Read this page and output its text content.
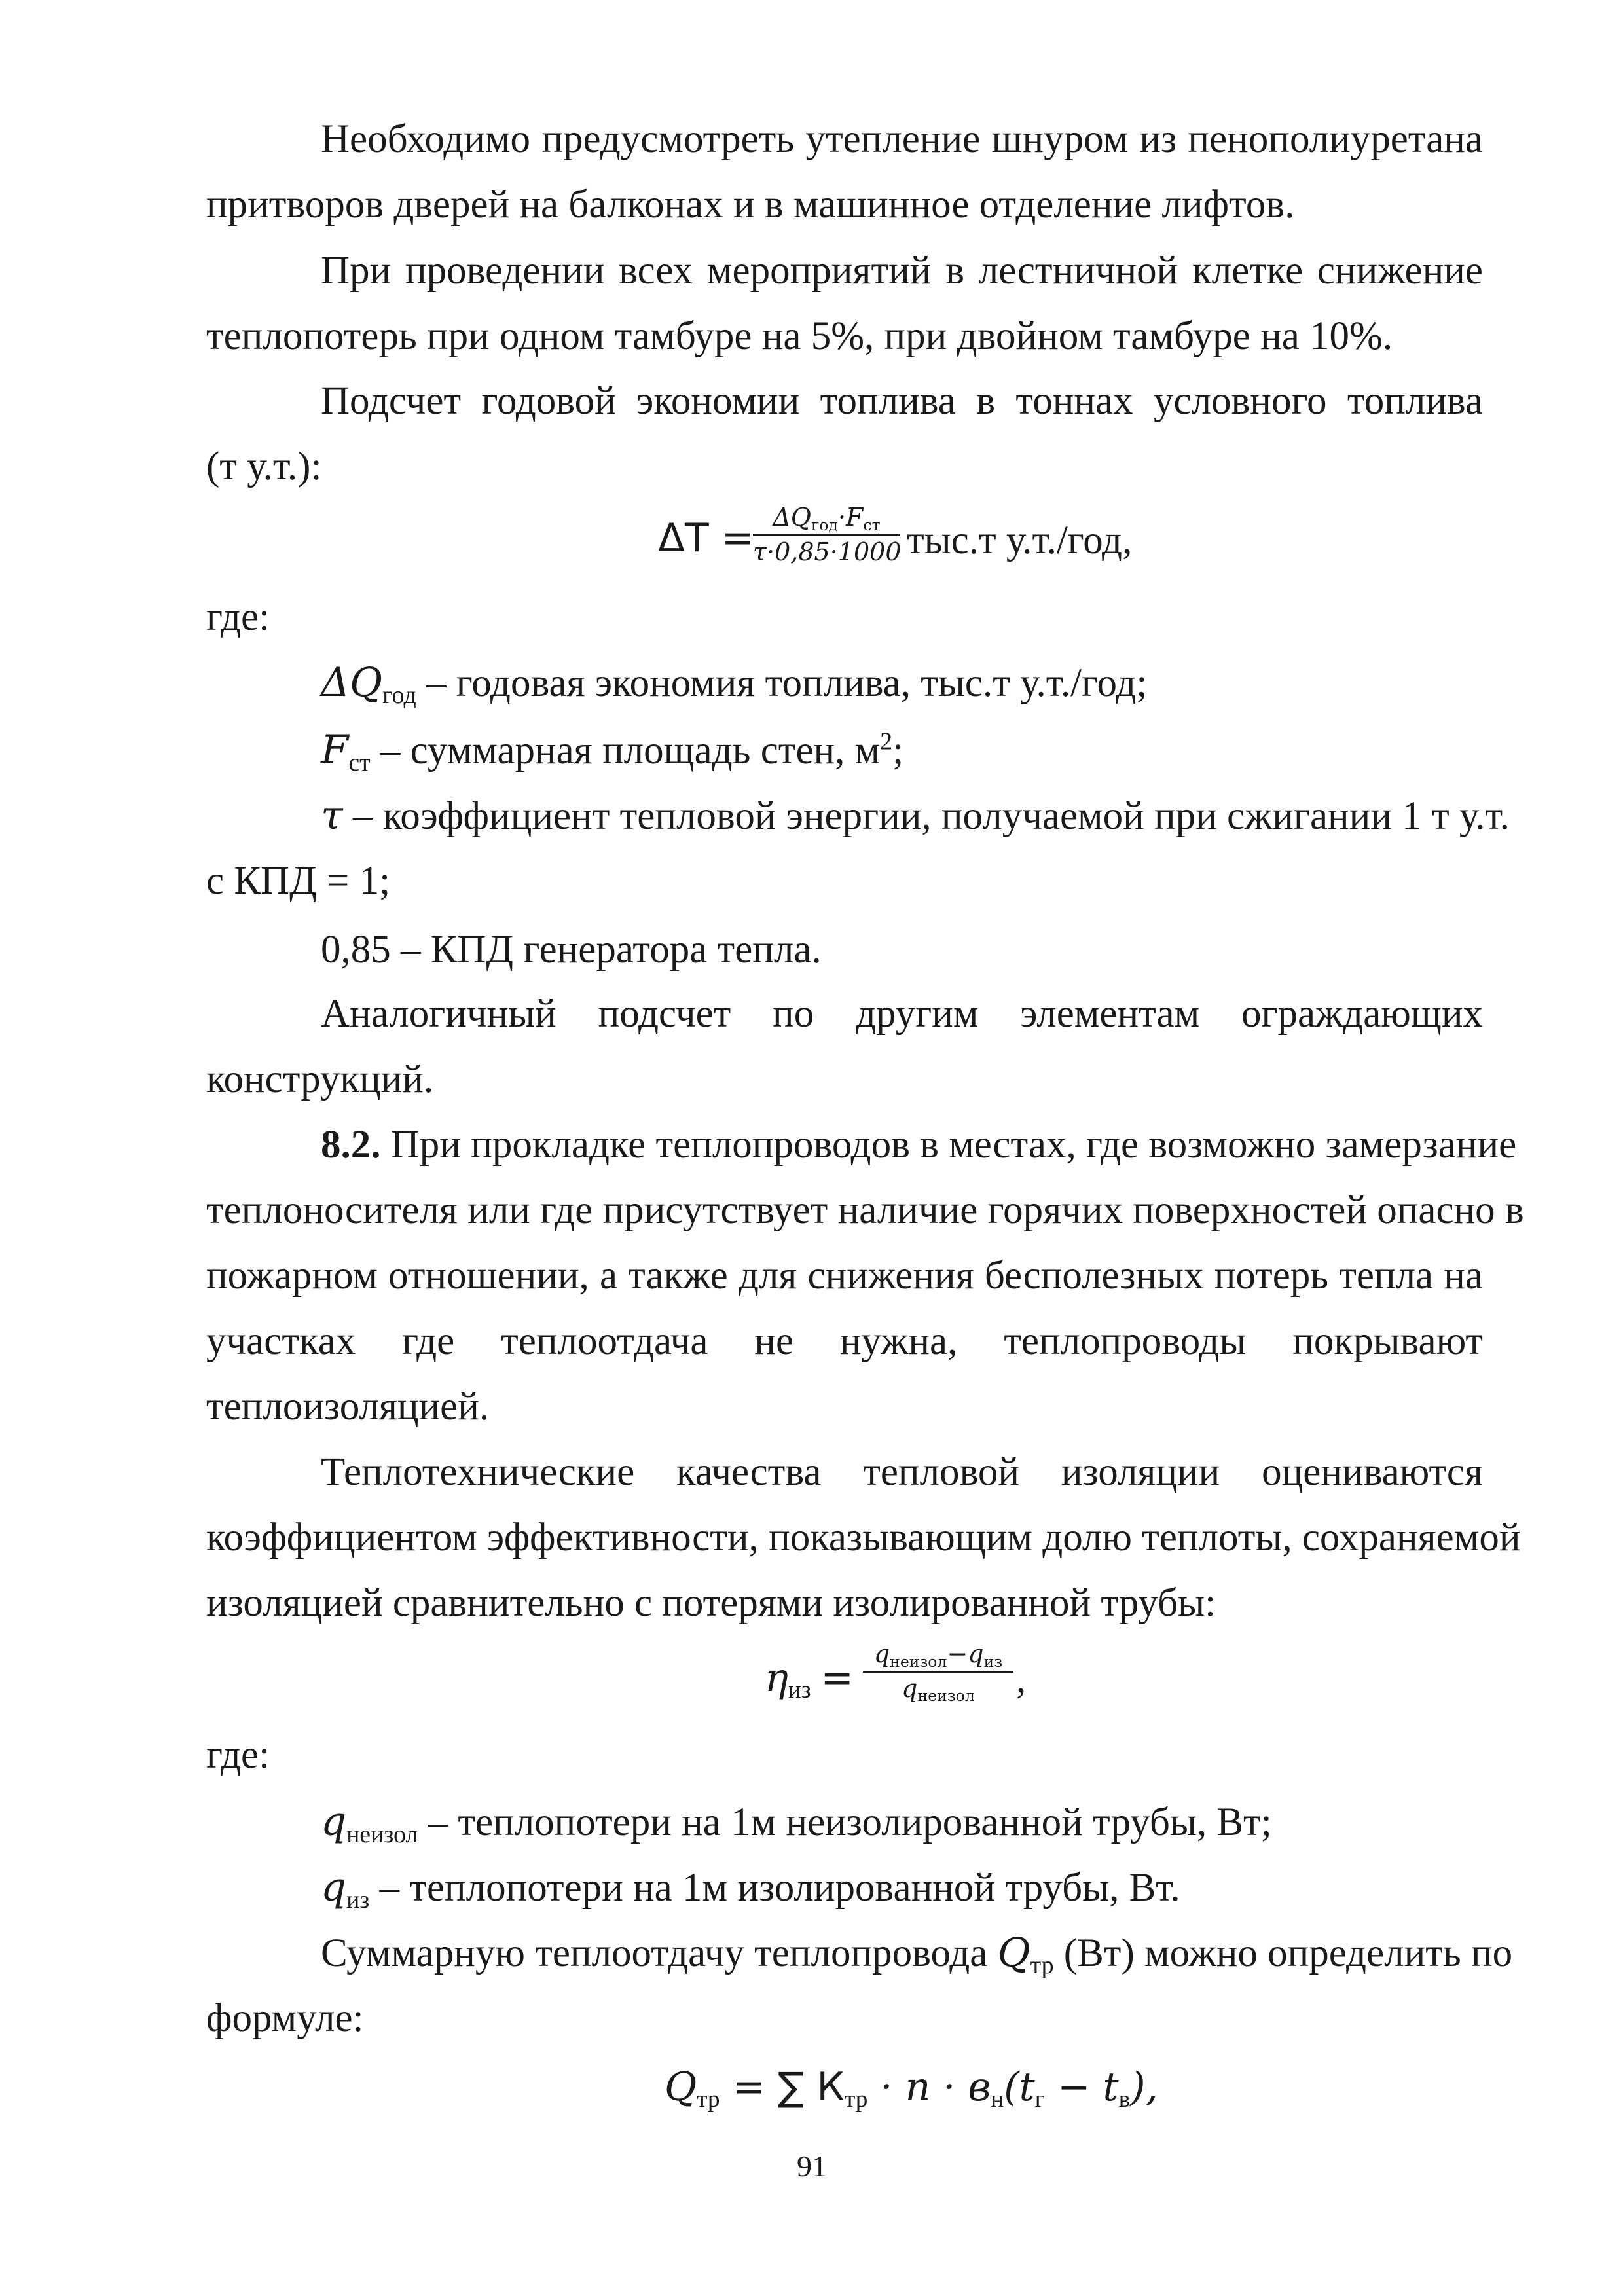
Необходимо предусмотреть утепление шнуром из пенополиуретана
притворов дверей на балконах и в машинное отделение лифтов.
При проведении всех мероприятий в лестничной клетке снижение
теплопотерь при одном тамбуре на 5%, при двойном тамбуре на 10%.
Подсчет годовой экономии топлива в тоннах условного топлива
(т у.т.):
ΔT = ΔQгод·Fст
τ·0,85·1000 тыс.т у.т./год,
где:
ΔQгод – годовая экономия топлива, тыс.т у.т./год;
Fст – суммарная площадь стен, $м^2$;
τ – коэффициент тепловой энергии, получаемой при сжигании 1 т у.т.
с КПД = 1;
0,85 – КПД генератора тепла.
Аналогичный подсчет по другим элементам ограждающих
конструкций.
8.2. При прокладке теплопроводов в местах, где возможно замерзание
теплоносителя или где присутствует наличие горячих поверхностей опасно в
пожарном отношении, а также для снижения бесполезных потерь тепла на
участках где теплоотдача не нужна, теплопроводы покрывают
теплоизоляцией.
Теплотехнические качества тепловой изоляции оцениваются
коэффициентом эффективности, показывающим долю теплоты, сохраняемой
изоляцией сравнительно с потерями изолированной трубы:
ηиз =
qнеизол−qиз
qнеизол	,
где:
qнеизол – теплопотери на 1м неизолированной трубы, Вт;
qиз – теплопотери на 1м изолированной трубы, Вт.
Суммарную теплоотдачу теплопровода Qтр (Вт) можно определить по
формуле:
Qтр = ∑ Ктр · n · вн(tг − tв),
91
